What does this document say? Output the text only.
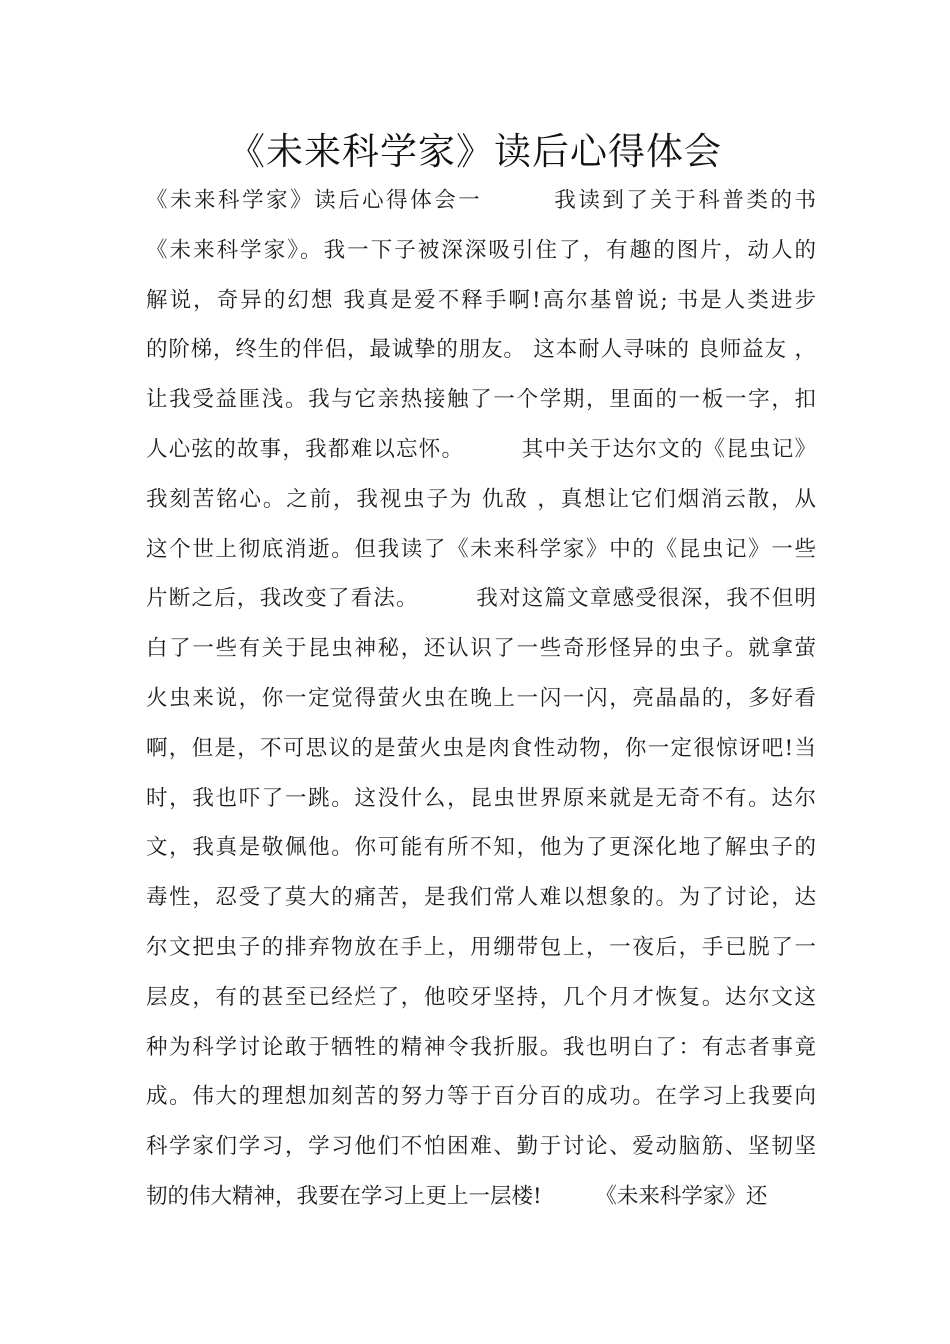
《未来科学家》读后心得体会
《未来科学家》读后心得体会一　　　我读到了关于科普类的书
《未来科学家》。我一下子被深深吸引住了，有趣的图片，动人的
解说，奇异的幻想 我真是爱不释手啊!高尔基曾说; 书是人类进步
的阶梯，终生的伴侣，最诚挚的朋友。 这本耐人寻味的 良师益友 ，
让我受益匪浅。我与它亲热接触了一个学期，里面的一板一字，扣
人心弦的故事，我都难以忘怀。　　　其中关于达尔文的《昆虫记》
我刻苦铭心。之前，我视虫子为 仇敌 ，真想让它们烟消云散，从
这个世上彻底消逝。但我读了《未来科学家》中的《昆虫记》一些
片断之后，我改变了看法。　　　我对这篇文章感受很深，我不但明
白了一些有关于昆虫神秘，还认识了一些奇形怪异的虫子。就拿萤
火虫来说，你一定觉得萤火虫在晚上一闪一闪，亮晶晶的，多好看
啊，但是，不可思议的是萤火虫是肉食性动物，你一定很惊讶吧!当
时，我也吓了一跳。这没什么，昆虫世界原来就是无奇不有。达尔
文，我真是敬佩他。你可能有所不知，他为了更深化地了解虫子的
毒性，忍受了莫大的痛苦，是我们常人难以想象的。为了讨论，达
尔文把虫子的排弃物放在手上，用绷带包上，一夜后，手已脱了一
层皮，有的甚至已经烂了，他咬牙坚持，几个月才恢复。达尔文这
种为科学讨论敢于牺牲的精神令我折服。我也明白了：有志者事竟
成。伟大的理想加刻苦的努力等于百分百的成功。在学习上我要向
科学家们学习，学习他们不怕困难、勤于讨论、爱动脑筋、坚韧坚
韧的伟大精神，我要在学习上更上一层楼!　　　《未来科学家》还
